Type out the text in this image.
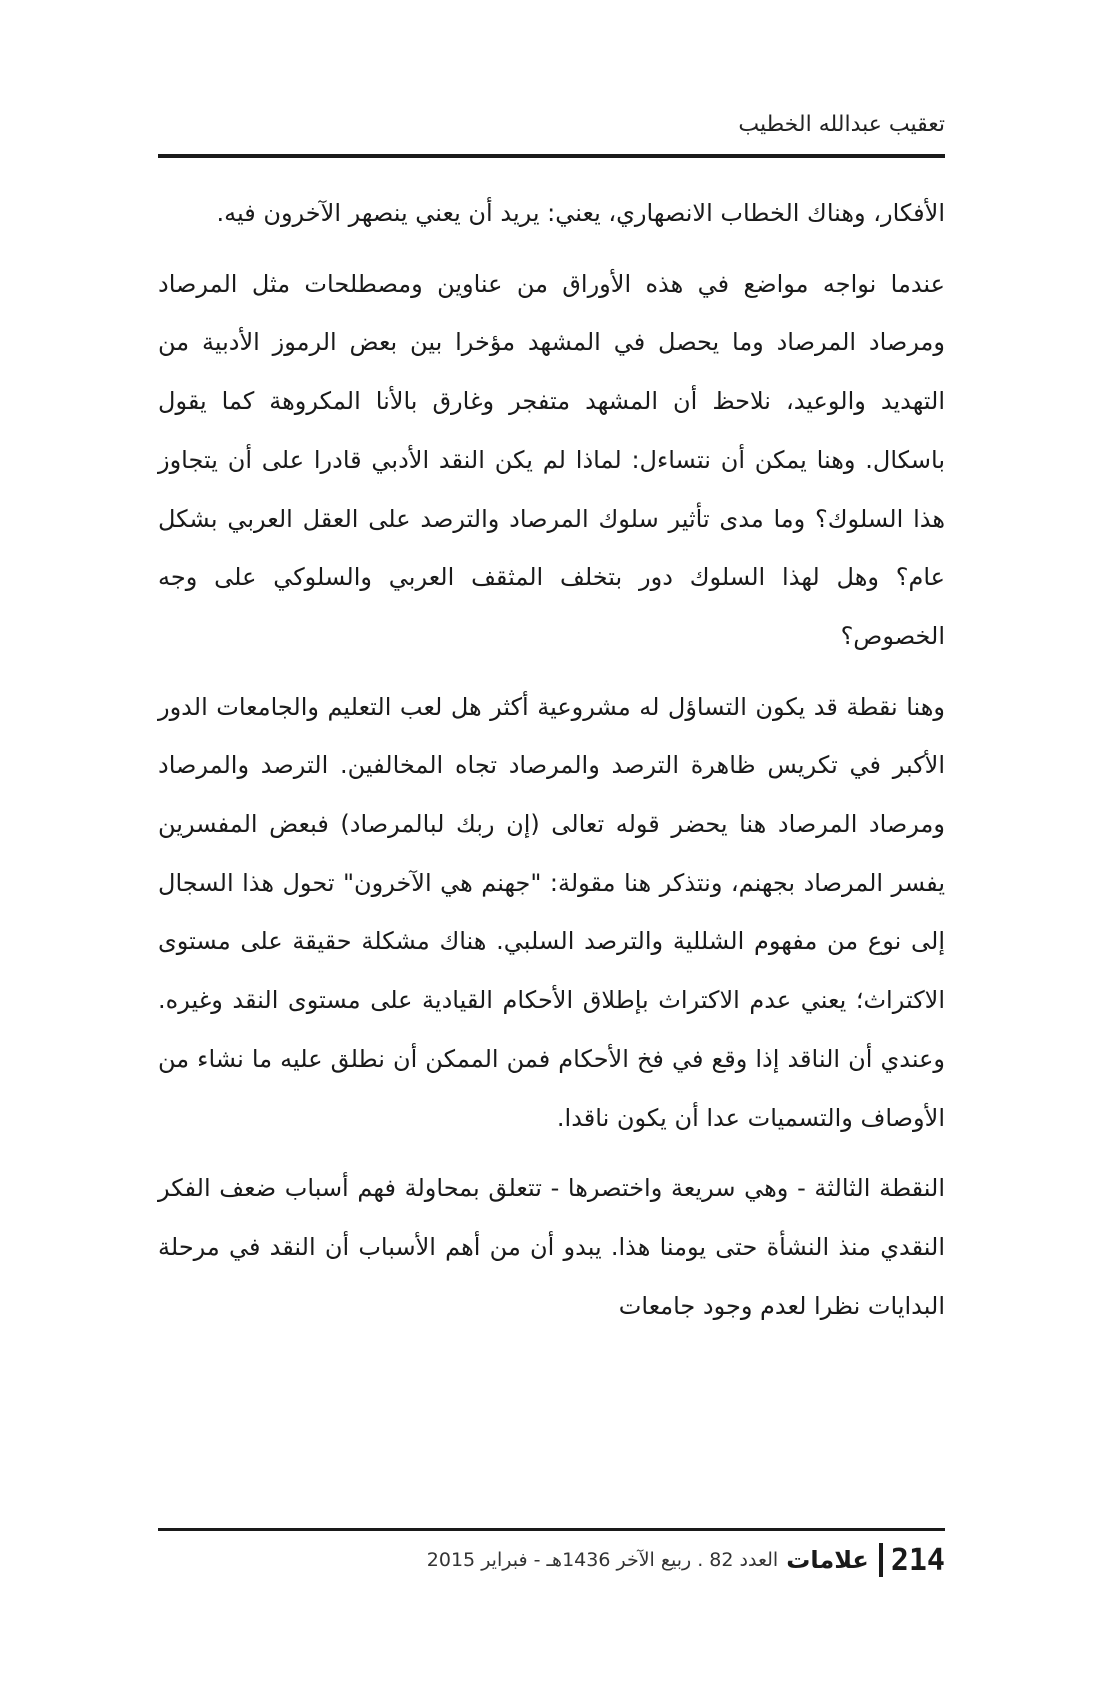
تعقيب عبدالله الخطيب

الأفكار، وهناك الخطاب الانصهاري، يعني: يريد أن يعني ينصهر الآخرون فيه.

عندما نواجه مواضع في هذه الأوراق من عناوين ومصطلحات مثل المرصاد ومرصاد المرصاد وما يحصل في المشهد مؤخرا بين بعض الرموز الأدبية من التهديد والوعيد، نلاحظ أن المشهد متفجر وغارق بالأنا المكروهة كما يقول باسكال. وهنا يمكن أن نتساءل: لماذا لم يكن النقد الأدبي قادرا على أن يتجاوز هذا السلوك؟ وما مدى تأثير سلوك المرصاد والترصد على العقل العربي بشكل عام؟ وهل لهذا السلوك دور بتخلف المثقف العربي والسلوكي على وجه الخصوص؟

وهنا نقطة قد يكون التساؤل له مشروعية أكثر هل لعب التعليم والجامعات الدور الأكبر في تكريس ظاهرة الترصد والمرصاد تجاه المخالفين. الترصد والمرصاد ومرصاد المرصاد هنا يحضر قوله تعالى (إن ربك لبالمرصاد) فبعض المفسرين يفسر المرصاد بجهنم، ونتذكر هنا مقولة: "جهنم هي الآخرون" تحول هذا السجال إلى نوع من مفهوم الشللية والترصد السلبي. هناك مشكلة حقيقة على مستوى الاكتراث؛ يعني عدم الاكتراث بإطلاق الأحكام القيادية على مستوى النقد وغيره. وعندي أن الناقد إذا وقع في فخ الأحكام فمن الممكن أن نطلق عليه ما نشاء من الأوصاف والتسميات عدا أن يكون ناقدا.

النقطة الثالثة - وهي سريعة واختصرها - تتعلق بمحاولة فهم أسباب ضعف الفكر النقدي منذ النشأة حتى يومنا هذا. يبدو أن من أهم الأسباب أن النقد في مرحلة البدايات نظرا لعدم وجود جامعات

العدد 82 . ربيع الآخر 1436هـ - فبراير 2015 علامات 214
